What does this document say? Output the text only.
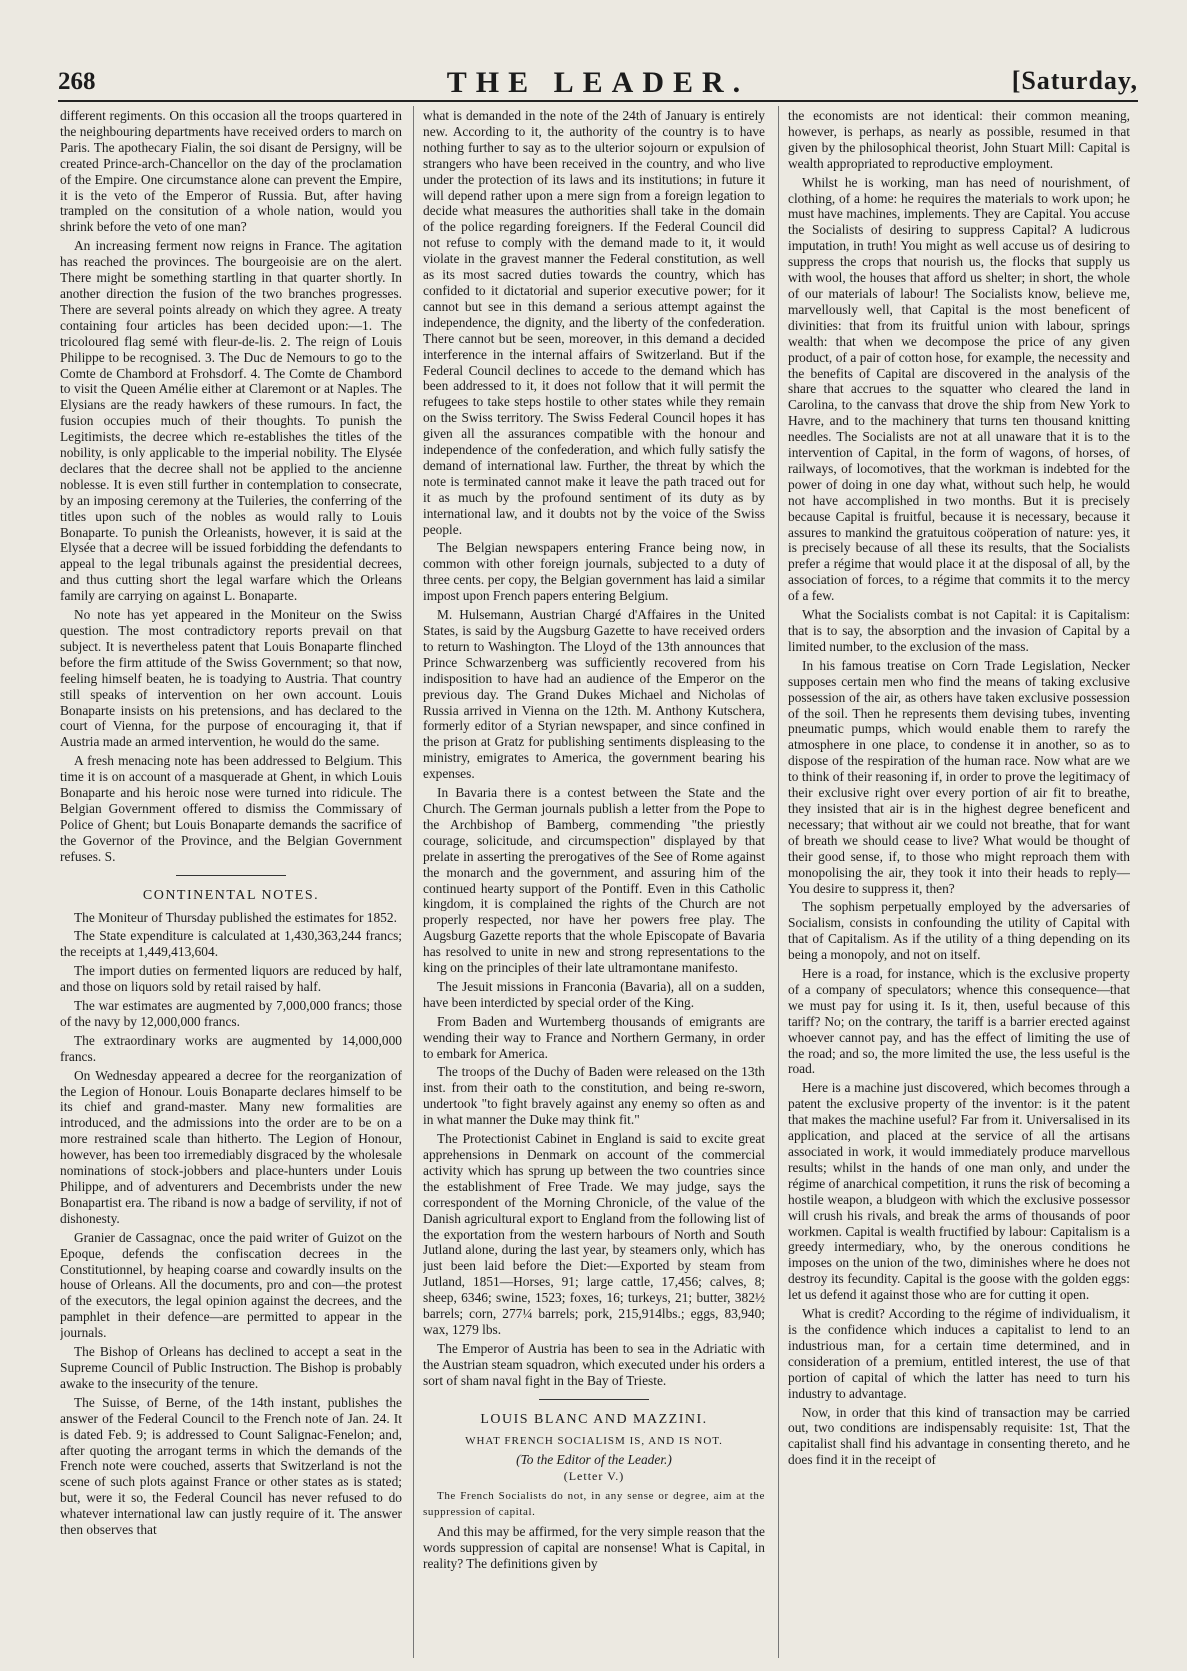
268	THE LEADER.	[Saturday,

different regiments. On this occasion all the troops quartered in the neighbouring departments have received orders to march on Paris. The apothecary Fialin, the soi disant de Persigny, will be created Prince-arch-Chancellor on the day of the proclamation of the Empire. One circumstance alone can prevent the Empire, it is the veto of the Emperor of Russia. But, after having trampled on the consitution of a whole nation, would you shrink before the veto of one man?

An increasing ferment now reigns in France. The agitation has reached the provinces. The bourgeoisie are on the alert. There might be something startling in that quarter shortly. In another direction the fusion of the two branches progresses. There are several points already on which they agree. A treaty containing four articles has been decided upon:—1. The tricoloured flag semé with fleur-de-lis. 2. The reign of Louis Philippe to be recognised. 3. The Duc de Nemours to go to the Comte de Chambord at Frohsdorf. 4. The Comte de Chambord to visit the Queen Amélie either at Claremont or at Naples. The Elysians are the ready hawkers of these rumours. In fact, the fusion occupies much of their thoughts. To punish the Legitimists, the decree which re-establishes the titles of the nobility, is only applicable to the imperial nobility. The Elysée declares that the decree shall not be applied to the ancienne noblesse. It is even still further in contemplation to consecrate, by an imposing ceremony at the Tuileries, the conferring of the titles upon such of the nobles as would rally to Louis Bonaparte. To punish the Orleanists, however, it is said at the Elysée that a decree will be issued forbidding the defendants to appeal to the legal tribunals against the presidential decrees, and thus cutting short the legal warfare which the Orleans family are carrying on against L. Bonaparte.

No note has yet appeared in the Moniteur on the Swiss question. The most contradictory reports prevail on that subject. It is nevertheless patent that Louis Bonaparte flinched before the firm attitude of the Swiss Government; so that now, feeling himself beaten, he is toadying to Austria. That country still speaks of intervention on her own account. Louis Bonaparte insists on his pretensions, and has declared to the court of Vienna, for the purpose of encouraging it, that if Austria made an armed intervention, he would do the same.

A fresh menacing note has been addressed to Belgium. This time it is on account of a masquerade at Ghent, in which Louis Bonaparte and his heroic nose were turned into ridicule. The Belgian Government offered to dismiss the Commissary of Police of Ghent; but Louis Bonaparte demands the sacrifice of the Governor of the Province, and the Belgian Government refuses. S.

CONTINENTAL NOTES.

The Moniteur of Thursday published the estimates for 1852.

The State expenditure is calculated at 1,430,363,244 francs; the receipts at 1,449,413,604.

The import duties on fermented liquors are reduced by half, and those on liquors sold by retail raised by half.

The war estimates are augmented by 7,000,000 francs; those of the navy by 12,000,000 francs.

The extraordinary works are augmented by 14,000,000 francs.

On Wednesday appeared a decree for the reorganization of the Legion of Honour. Louis Bonaparte declares himself to be its chief and grand-master. Many new formalities are introduced, and the admissions into the order are to be on a more restrained scale than hitherto. The Legion of Honour, however, has been too irremediably disgraced by the wholesale nominations of stock-jobbers and place-hunters under Louis Philippe, and of adventurers and Decembrists under the new Bonapartist era. The riband is now a badge of servility, if not of dishonesty.

Granier de Cassagnac, once the paid writer of Guizot on the Epoque, defends the confiscation decrees in the Constitutionnel, by heaping coarse and cowardly insults on the house of Orleans. All the documents, pro and con—the protest of the executors, the legal opinion against the decrees, and the pamphlet in their defence—are permitted to appear in the journals.

The Bishop of Orleans has declined to accept a seat in the Supreme Council of Public Instruction. The Bishop is probably awake to the insecurity of the tenure.

The Suisse, of Berne, of the 14th instant, publishes the answer of the Federal Council to the French note of Jan. 24. It is dated Feb. 9; is addressed to Count Salignac-Fenelon; and, after quoting the arrogant terms in which the demands of the French note were couched, asserts that Switzerland is not the scene of such plots against France or other states as is stated; but, were it so, the Federal Council has never refused to do whatever international law can justly require of it. The answer then observes that

what is demanded in the note of the 24th of January is entirely new. According to it, the authority of the country is to have nothing further to say as to the ulterior sojourn or expulsion of strangers who have been received in the country, and who live under the protection of its laws and its institutions; in future it will depend rather upon a mere sign from a foreign legation to decide what measures the authorities shall take in the domain of the police regarding foreigners. If the Federal Council did not refuse to comply with the demand made to it, it would violate in the gravest manner the Federal constitution, as well as its most sacred duties towards the country, which has confided to it dictatorial and superior executive power; for it cannot but see in this demand a serious attempt against the independence, the dignity, and the liberty of the confederation. There cannot but be seen, moreover, in this demand a decided interference in the internal affairs of Switzerland. But if the Federal Council declines to accede to the demand which has been addressed to it, it does not follow that it will permit the refugees to take steps hostile to other states while they remain on the Swiss territory. The Swiss Federal Council hopes it has given all the assurances compatible with the honour and independence of the confederation, and which fully satisfy the demand of international law. Further, the threat by which the note is terminated cannot make it leave the path traced out for it as much by the profound sentiment of its duty as by international law, and it doubts not by the voice of the Swiss people.

The Belgian newspapers entering France being now, in common with other foreign journals, subjected to a duty of three cents. per copy, the Belgian government has laid a similar impost upon French papers entering Belgium.

M. Hulsemann, Austrian Chargé d'Affaires in the United States, is said by the Augsburg Gazette to have received orders to return to Washington. The Lloyd of the 13th announces that Prince Schwarzenberg was sufficiently recovered from his indisposition to have had an audience of the Emperor on the previous day. The Grand Dukes Michael and Nicholas of Russia arrived in Vienna on the 12th. M. Anthony Kutschera, formerly editor of a Styrian newspaper, and since confined in the prison at Gratz for publishing sentiments displeasing to the ministry, emigrates to America, the government bearing his expenses.

In Bavaria there is a contest between the State and the Church. The German journals publish a letter from the Pope to the Archbishop of Bamberg, commending "the priestly courage, solicitude, and circumspection" displayed by that prelate in asserting the prerogatives of the See of Rome against the monarch and the government, and assuring him of the continued hearty support of the Pontiff. Even in this Catholic kingdom, it is complained the rights of the Church are not properly respected, nor have her powers free play. The Augsburg Gazette reports that the whole Episcopate of Bavaria has resolved to unite in new and strong representations to the king on the principles of their late ultramontane manifesto.

The Jesuit missions in Franconia (Bavaria), all on a sudden, have been interdicted by special order of the King.

From Baden and Wurtemberg thousands of emigrants are wending their way to France and Northern Germany, in order to embark for America.

The troops of the Duchy of Baden were released on the 13th inst. from their oath to the constitution, and being re-sworn, undertook "to fight bravely against any enemy so often as and in what manner the Duke may think fit."

The Protectionist Cabinet in England is said to excite great apprehensions in Denmark on account of the commercial activity which has sprung up between the two countries since the establishment of Free Trade. We may judge, says the correspondent of the Morning Chronicle, of the value of the Danish agricultural export to England from the following list of the exportation from the western harbours of North and South Jutland alone, during the last year, by steamers only, which has just been laid before the Diet:—Exported by steam from Jutland, 1851—Horses, 91; large cattle, 17,456; calves, 8; sheep, 6346; swine, 1523; foxes, 16; turkeys, 21; butter, 382½ barrels; corn, 277¼ barrels; pork, 215,914lbs.; eggs, 83,940; wax, 1279 lbs.

The Emperor of Austria has been to sea in the Adriatic with the Austrian steam squadron, which executed under his orders a sort of sham naval fight in the Bay of Trieste.

LOUIS BLANC AND MAZZINI.
WHAT FRENCH SOCIALISM IS, AND IS NOT.
(To the Editor of the Leader.)
(Letter V.)

The French Socialists do not, in any sense or degree, aim at the suppression of capital.

And this may be affirmed, for the very simple reason that the words suppression of capital are nonsense! What is Capital, in reality? The definitions given by

the economists are not identical: their common meaning, however, is perhaps, as nearly as possible, resumed in that given by the philosophical theorist, John Stuart Mill: Capital is wealth appropriated to reproductive employment.

Whilst he is working, man has need of nourishment, of clothing, of a home: he requires the materials to work upon; he must have machines, implements. They are Capital. You accuse the Socialists of desiring to suppress Capital? A ludicrous imputation, in truth! You might as well accuse us of desiring to suppress the crops that nourish us, the flocks that supply us with wool, the houses that afford us shelter; in short, the whole of our materials of labour! The Socialists know, believe me, marvellously well, that Capital is the most beneficent of divinities: that from its fruitful union with labour, springs wealth: that when we decompose the price of any given product, of a pair of cotton hose, for example, the necessity and the benefits of Capital are discovered in the analysis of the share that accrues to the squatter who cleared the land in Carolina, to the canvass that drove the ship from New York to Havre, and to the machinery that turns ten thousand knitting needles. The Socialists are not at all unaware that it is to the intervention of Capital, in the form of wagons, of horses, of railways, of locomotives, that the workman is indebted for the power of doing in one day what, without such help, he would not have accomplished in two months. But it is precisely because Capital is fruitful, because it is necessary, because it assures to mankind the gratuitous coöperation of nature: yes, it is precisely because of all these its results, that the Socialists prefer a régime that would place it at the disposal of all, by the association of forces, to a régime that commits it to the mercy of a few.

What the Socialists combat is not Capital: it is Capitalism: that is to say, the absorption and the invasion of Capital by a limited number, to the exclusion of the mass.

In his famous treatise on Corn Trade Legislation, Necker supposes certain men who find the means of taking exclusive possession of the air, as others have taken exclusive possession of the soil. Then he represents them devising tubes, inventing pneumatic pumps, which would enable them to rarefy the atmosphere in one place, to condense it in another, so as to dispose of the respiration of the human race. Now what are we to think of their reasoning if, in order to prove the legitimacy of their exclusive right over every portion of air fit to breathe, they insisted that air is in the highest degree beneficent and necessary; that without air we could not breathe, that for want of breath we should cease to live? What would be thought of their good sense, if, to those who might reproach them with monopolising the air, they took it into their heads to reply—You desire to suppress it, then?

The sophism perpetually employed by the adversaries of Socialism, consists in confounding the utility of Capital with that of Capitalism. As if the utility of a thing depending on its being a monopoly, and not on itself.

Here is a road, for instance, which is the exclusive property of a company of speculators; whence this consequence—that we must pay for using it. Is it, then, useful because of this tariff? No; on the contrary, the tariff is a barrier erected against whoever cannot pay, and has the effect of limiting the use of the road; and so, the more limited the use, the less useful is the road.

Here is a machine just discovered, which becomes through a patent the exclusive property of the inventor: is it the patent that makes the machine useful? Far from it. Universalised in its application, and placed at the service of all the artisans associated in work, it would immediately produce marvellous results; whilst in the hands of one man only, and under the régime of anarchical competition, it runs the risk of becoming a hostile weapon, a bludgeon with which the exclusive possessor will crush his rivals, and break the arms of thousands of poor workmen. Capital is wealth fructified by labour: Capitalism is a greedy intermediary, who, by the onerous conditions he imposes on the union of the two, diminishes where he does not destroy its fecundity. Capital is the goose with the golden eggs: let us defend it against those who are for cutting it open.

What is credit? According to the régime of individualism, it is the confidence which induces a capitalist to lend to an industrious man, for a certain time determined, and in consideration of a premium, entitled interest, the use of that portion of capital of which the latter has need to turn his industry to advantage.

Now, in order that this kind of transaction may be carried out, two conditions are indispensably requisite: 1st, That the capitalist shall find his advantage in consenting thereto, and he does find it in the receipt of
